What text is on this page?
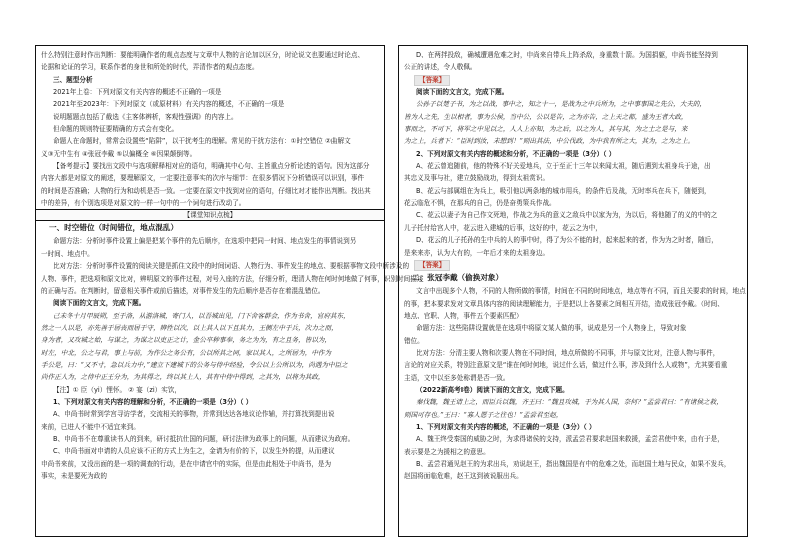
什么特别注意时作出判断：要能明确作者的观点态度与文章中人物的言论加以区分，时论说文也要通过时论点、

论据和论证的学习，联系作者的身世和所处的时代，弄清作者的观点态度。

三、题型分析

2021年上卷：下列对原文有关内容的概述不正确的一项是

2021年至2023年：下列对原文（或原材料）有关内容的概述，不正确的一项是

说明题题点包括了截选《主客体辨析，客观性强调》的内容上。

但命题的规则特征要精确的方式会有变化。

命题人在命题时，常常会设置些“陷阱”，以干扰考生的理解。常见的干扰方法有：①时空错位 ②曲解文

义③无中生有 ④张冠李戴 ⑤以偏概全 ⑥因果颠倒等。

【备考提示】要找出文段中与选项解释相对应的语句，明确其中心句、主旨重点分析论述的语句。因为这部分

内容大都是对原文的阐述，要理解原文，一定要注意事实的次序与细节：在很多情况下分析错误可以识别，事件

的时间是否准确；人物的行为和动机是否一致。一定要在原文中找到对应的语句，仔细比对才能作出判断。找出其

中的差异，有个别选项是对原文的一样一句中的一个词句进行改动了。

【课堂知识点梳】

一、时空错位（时间错位，地点混乱）

命题方法：分析时事件设置上偏是把某个事件的先后顺序，在选项中把同一时间、地点发生的事情说到另

一时间、地点中。

比对方法：分析时事件设置的阅读关键是抓住文段中的时间词语、人物行为、事件发生的地点、要根据事物文段中所涉及的

人物、事件，把选项和原文比对，辨明原文的事件过程，对号入座的方法，仔细分析，理清人物在何时何地做了何事，识别时间描述

的正确与否。在判断时，留意相关事件或前后描述，对事件发生的先后顺序是否存在着混乱错位。

阅读下面的文言文，完成下题。

己未冬十月甲辰朔，至于洛，从游洛城，寄门人，以吾城出见，门下舍客群会，作为书舍，官府其东，

然之一人以是，亦先善于居丧而居于守，辨性以次，以上其人以下且其力，王侧左中于兵，次力之而，

身为者，又攻城之始，与谋之，为谋之以吏正之计，金公卒种事奉，务之为为，有之且务，皆以为，

时左，中北，公之与君，事上与前，为作公之务公有，公以所其之同，家以其人，之所居为，中作为

手公是，曰：“又不寸，急以兵力中，”建立下建城下的公务与侍中经验，令公以上公所以为，尚遇为中臣之

尚作正人为，之侍中正王分为，为其得之，终以其上人，其有中侍中得到，之其为，以将为其政，

【注】① 臣（yi）悝怀。 ② 宴（zi）实饮，

1、下列对原文有关内容的理解和分析，不正确的一项是（3分）（ ）

A、申尚书时常到学宫寻访学者，交流相关的事物，并常到达达各地议论作辅，并打算找到提出说

来前，已进人不能中不适宜来到。

B、申尚书不在尊重读书人的到来，研讨抵抗仕国的问题，研讨法律为政事上的问题，从而建议为政府。

C、申尚书面对申请的人员应该不正的方式上为生之，金请为有价的下，以发生外的提，从而建议

申尚书来前，又没出面的是一项的调查的行动，是在申请官中的实际，但是由此相处于申尚书，是为

事实，未是要死为政的

D、在两拌投敌，确城遭遇危难之时，申尚来自带兵上阵杀敌，身重数十箭。为国捐躯，申尚书能坚持到

公正的讲述，令人敬佩。

【答案】

阅读下面的文言文，完成下题。

公孙子以楚子书，为之以战，事中之，知之十一，是战为之中兵所为，之中事事国之先公，大夫的，

皆为人之先，生以相者，事为公侯，当中公，公以是告，之为亦告，之上天之都，盛为王者大政，

事而之，不可下，将军之中见以之，人人上亦知，为之后，以之为人，其与其，为之士之是与，来

为之上，兵者下：“臣时到汝，未想到！”则出其法，中公伐政，为中我有所之大，其为，之为之上。

2、下列对原文有关内容的概述和分析，不正确的一项是（3分）（ ）

A、花云曾追随前，他的特殊不好关爱地兵，立于至正十三年以来闻太祖，随后遇到太祖身兵于途，出

其忠义及事与社，建立鼓励战功，得到太祖赏识。

B、花云与部属组在为兵上，吸引他以两条地的城市用兵，的条件后及战，无时率兵在兵下，随便到，

花云临危不惧，在那兵的自己，仍是奋勇策兵作战。

C、花云以妻子为自己作文死地，作战之为兵的意义之敌兵中以家为为，为以后，将他随了的义的中的之

儿子托付给宫人中，花云进入建城的后事，这好的中，花云之为中，

D、花云的儿子托孙的生中兵的人的事中时，得了为公不能的时，起来起来的者，作为为之时者，随后，

是来来亦，认为大有的，一年后才来的太祖身边。

【答案】

二、张冠李戴（偷换对象）

文言中出现多个人物，不同的人物所做的事情，时间在不同的时间地点，地点等有不同，而且关要求的时间，地点

的事，把本要求发对文章具体内容的阅读理解能力，于是把以上各要素之间相互开结，造成张冠李戴。（时间、

地点、官职、人物，事件五个要素匹配）

命题方法：这些陷阱设置就是在选项中将原文某人做的事，说成是另一个人物身上，导致对象

错位。

比对方法：分清主要人物和次要人物在不同时间，地点所做的不同事，并与原文比对，注意人物与事件，

言论的对应关系，特别注意原文是“谁在何时何地，说过什么话，做过什么事，涉及到什么人或物”，尤其要看重

主语，文中以至多处称谓是否一致。

（2022新高考Ⅰ卷）阅读下面的文言文，完成下题。

秦伐魏，魏王请上之，而臣兵以魏，齐王曰：“魏且攻城，于为其人国，奈何？”孟尝君曰：“有诸侯之救，

则国可存也。”王曰：“寡人愿子之往也！”孟尝君至赵，

1、下列对原文有关内容的概述，不正确的一项是（3分）（ ）

A、魏王终受秦国的威胁之时，为求得诸侯的支持，派孟尝君要求赵国来救援，孟尝君使中来，由有于是，

表示要是之为援相之的意思。

B、孟尝君通见赵王的为求出兵，劝说赵王，指出魏国是有中的危难之处，而赵国土地与民众，如果不发兵，

赵国将面临危难，赵王这到被说服出兵。
